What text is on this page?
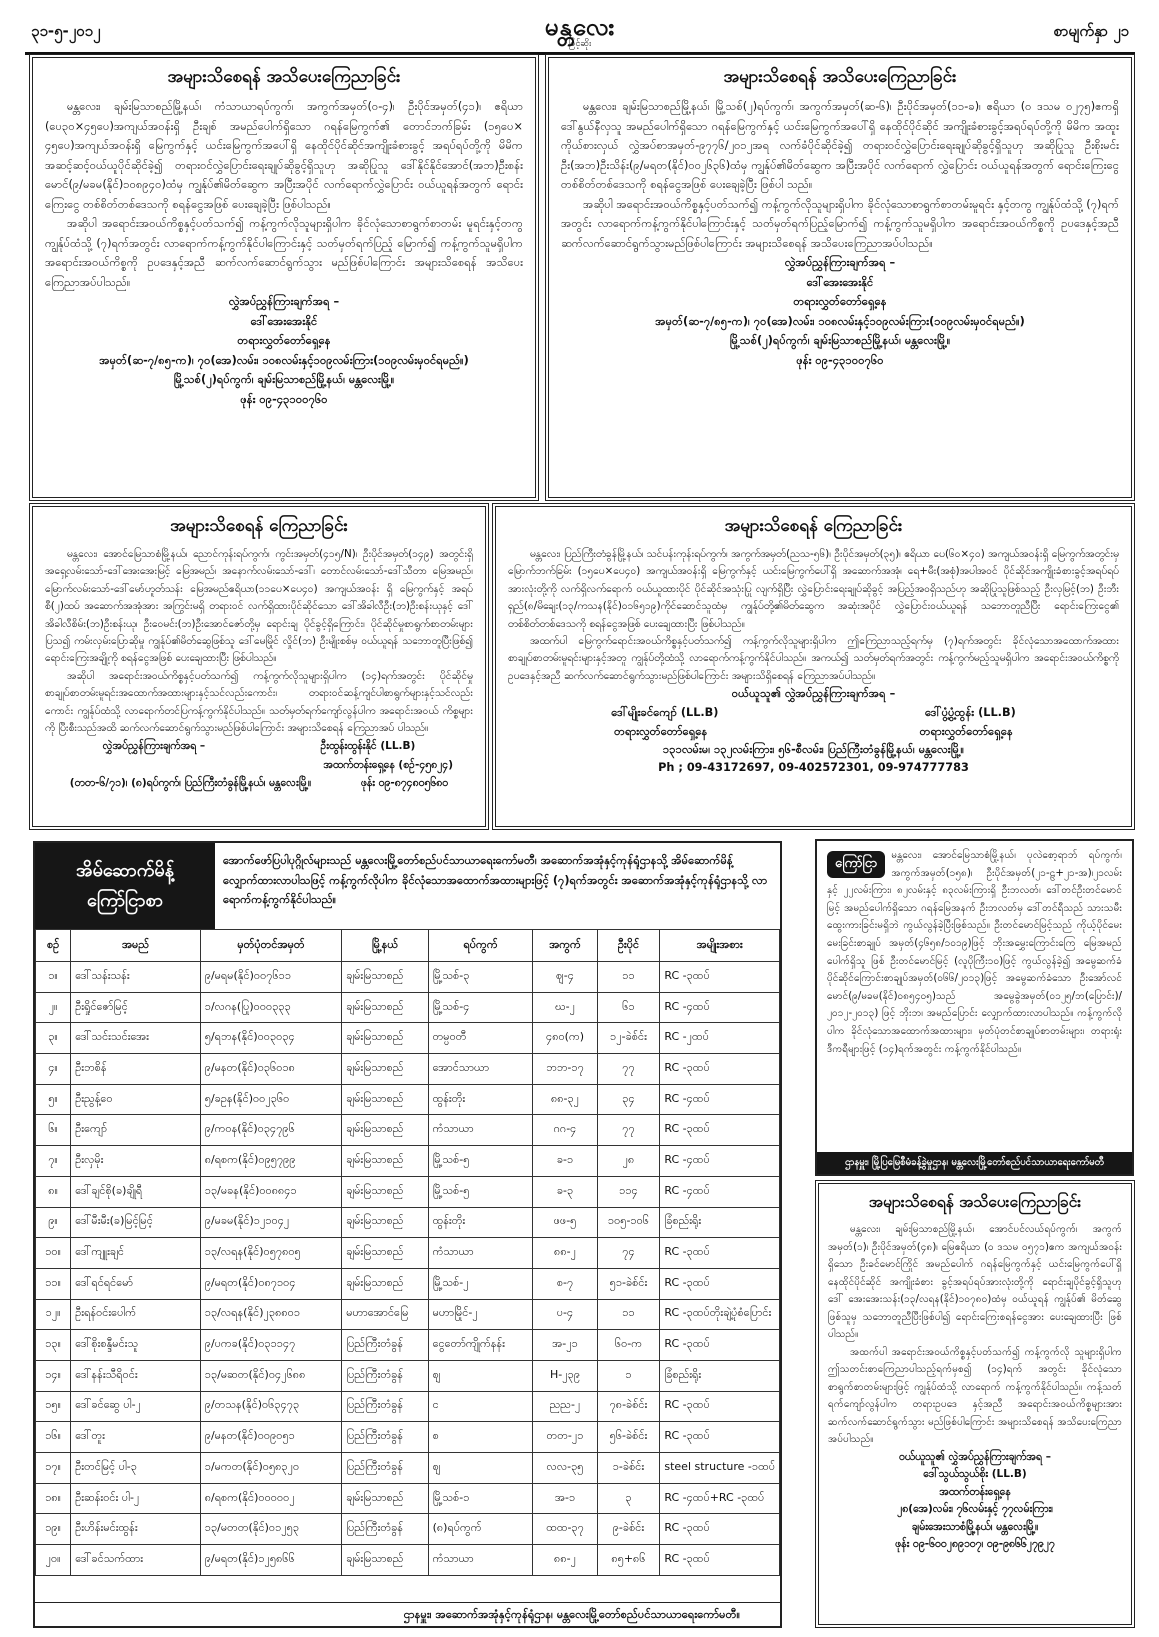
၃၁-၅-၂၀၁၂	မန္တလေး
မြင့်ဆိုး
စာမျက်နှာ ၂၁
အများသိစေရန် အသိပေးကြေညာခြင်း

မန္တလေး၊ ချမ်းမြသာစည်မြို့နယ်၊ ကံသာယာရပ်ကွက်၊ အကွက်အမှတ်(၀-၄)၊ ဦးပိုင်အမှတ်(၄၁)၊ ဧရိယာ (ပေ၃၀×၄၅ပေ)အကျယ်အဝန်းရှိ ဦးချစ် အမည်ပေါက်ရှိသော ဂရန်မြေကွက်၏ တောင်ဘက်ခြမ်း (၁၅ပေ× ၄၅ပေ)အကျယ်အဝန်းရှိ မြေကွက်နှင့် ယင်းမြေကွက်အပေါ်ရှိ နေထိုင်ပိုင်ဆိုင်အကျိုးခံစားခွင့် အရပ်ရပ်တို့ကို မိမိက အဆင့်ဆင့်ဝယ်ယူပိုင်ဆိုင်ခဲ့၍ တရားဝင်လွှဲပြောင်းရေးချုပ်ဆိုခွင့်ရှိသူဟု အဆိုပြုသူ ဒေါ်နိုင်နိုင်အောင်(အဘ)ဦးစန်းမောင်(၉/မခမ(နိုင်)၁၀၈၉၄၀)ထံမှ ကျွန်ုပ်၏မိတ်ဆွေက အပြီးအပိုင် လက်ရောက်လွှဲပြောင်း ဝယ်ယူရန်အတွက် ရောင်းကြေးငွေ တစ်စိတ်တစ်ဒေသကို စရန်ငွေအဖြစ် ပေးချေခဲ့ပြီး ဖြစ်ပါသည်။

အဆိုပါ အရောင်းအဝယ်ကိစ္စနှင့်ပတ်သက်၍ ကန့်ကွက်လိုသူများရှိပါက ခိုင်လုံသောစာရွက်စာတမ်း မူရင်းနှင့်တကွ ကျွန်ုပ်ထံသို့ (၇)ရက်အတွင်း လာရောက်ကန့်ကွက်နိုင်ပါကြောင်းနှင့် သတ်မှတ်ရက်ပြည့် မြောက်၍ ကန့်ကွက်သူမရှိပါက အရောင်းအဝယ်ကိစ္စကို ဥပဒေနှင့်အညီ ဆက်လက်ဆောင်ရွက်သွား မည်ဖြစ်ပါကြောင်း အများသိစေရန် အသိပေးကြေညာအပ်ပါသည်။

လွှဲအပ်ညွှန်ကြားချက်အရ –
ဒေါ်အေးအေးနိုင်
တရားလွှတ်တော်ရှေ့နေ
အမှတ်(ဆ-၇/၈၅-က)၊ ၇၀(အေ)လမ်း၊ ၁၀၈လမ်းနှင့်၁၀၉လမ်းကြား(၁၀၉လမ်းမှဝင်ရမည်။)
မြို့သစ်(၂)ရပ်ကွက်၊ ချမ်းမြသာစည်မြို့နယ်၊ မန္တလေးမြို့။
ဖုန်း ၀၉-၄၃၁၀၀၇၆၀
အများသိစေရန် အသိပေးကြေညာခြင်း

မန္တလေး၊ ချမ်းမြသာစည်မြို့နယ်၊ မြို့သစ်(၂)ရပ်ကွက်၊ အကွက်အမှတ်(ဆ-၆)၊ ဦးပိုင်အမှတ်(၁၁-ခ)၊ ဧရိယာ (၀ ဒသမ ၀၂၇၅)ဧကရှိ ဒေါ်နွယ်နီလှသူ အမည်ပေါက်ရှိသော ဂရန်မြေကွက်နှင့် ယင်းမြေကွက်အပေါ်ရှိ နေထိုင်ပိုင်ဆိုင် အကျိုးခံစားခွင့်အရပ်ရပ်တို့ကို မိမိက အထူးကိုယ်စားလှယ် လွှဲအပ်စာအမှတ်-၉၇၇၆/၂၀၁၂အရ လက်ခံပိုင်ဆိုင်ခဲ့၍ တရားဝင်လွှဲပြောင်းရေးချုပ်ဆိုခွင့်ရှိသူဟု အဆိုပြုသူ ဦးစိုးမင်းဦး(အဘ)ဦးသိန်း(၉/မရတ(နိုင်)၀၀၂၆၃၆)ထံမှ ကျွန်ုပ်၏မိတ်ဆွေက အပြီးအပိုင် လက်ရောက် လွှဲပြောင်း ဝယ်ယူရန်အတွက် ရောင်းကြေးငွေ တစ်စိတ်တစ်ဒေသကို စရန်ငွေအဖြစ် ပေးချေခဲ့ပြီး ဖြစ်ပါ သည်။

အဆိုပါ အရောင်းအဝယ်ကိစ္စနှင့်ပတ်သက်၍ ကန့်ကွက်လိုသူများရှိပါက ခိုင်လုံသောစာရွက်စာတမ်းမူရင်း နှင့်တကွ ကျွန်ုပ်ထံသို့ (၇)ရက်အတွင်း လာရောက်ကန့်ကွက်နိုင်ပါကြောင်းနှင့် သတ်မှတ်ရက်ပြည့်မြောက်၍ ကန့်ကွက်သူမရှိပါက အရောင်းအဝယ်ကိစ္စကို ဥပဒေနှင့်အညီ ဆက်လက်ဆောင်ရွက်သွားမည်ဖြစ်ပါကြောင်း အများသိစေရန် အသိပေးကြေညာအပ်ပါသည်။

လွှဲအပ်ညွှန်ကြားချက်အရ –
ဒေါ်အေးအေးနိုင်
တရားလွှတ်တော်ရှေ့နေ
အမှတ်(ဆ-၇/၈၅-က)၊ ၇၀(အေ)လမ်း၊ ၁၀၈လမ်းနှင့်၁၀၉လမ်းကြား(၁၀၉လမ်းမှဝင်ရမည်။)
မြို့သစ်(၂)ရပ်ကွက်၊ ချမ်းမြသာစည်မြို့နယ်၊ မန္တလေးမြို့။
ဖုန်း ၀၉-၄၃၁၀၀၇၆၀
အများသိစေရန် ကြေညာခြင်း

မန္တလေး၊ အောင်မြေသာစံမြို့နယ်၊ ညောင်ကုန်းရပ်ကွက်၊ ကွင်းအမှတ်(၄၁၅/N)၊ ဦးပိုင်အမှတ်(၁၄၉) အတွင်းရှိ အရှေ့လမ်းသော်-ဒေါ်အေးအေးမြင့် မြေအမည်၊ အနောက်လမ်းသော်-ဒေါ်၊ တောင်လမ်းသော်-ဒေါ်သီတာ မြေအမည်၊ မြောက်လမ်းသော်-ဒေါ်မော်ဟူတ်သန်း မြေအမည်ဧရိယာ(၁၁ပေ×ပေ၄၀) အကျယ်အဝန်း ရှိ မြေကွက်နှင့် အရပ်စီ(၂)ထပ် အဆောက်အအုံအား အကြွင်းမရှိ တရားဝင် လက်ရှိထားပိုင်ဆိုင်သော ဒေါ်အိခါလီဦး(ဘ)ဦးစန်းယုနှင့် ဒေါ်အိခါလီစိမ်း(ဘ)ဦးစန်းယု၊ ဦးဝေမင်း(ဘ)ဦးအောင်ဇော်တို့မှ ရောင်းချ ပိုင်ခွင့်ရှိကြောင်း၊ ပိုင်ဆိုင်မှုစာရွက်စာတမ်းများပြသ၍ ကမ်းလှမ်းပြောဆိုမှု ကျွန်ုပ်၏မိတ်ဆွေဖြစ်သူ ဒေါ်မေမြိုင် လှိုင်(ဘ) ဦးမျိုးစစ်မှ ဝယ်ယူရန် သဘောတူပြီးဖြစ်၍ ရောင်းကြေးအချို့ကို စရန်ငွေအဖြစ် ပေးချေထားပြီး ဖြစ်ပါသည်။

အဆိုပါ အရောင်းအဝယ်ကိစ္စနှင့်ပတ်သက်၍ ကန့်ကွက်လိုသူများရှိပါက (၁၄)ရက်အတွင်း ပိုင်ဆိုင်မှု စာချုပ်စာတမ်းမူရင်းအထောက်အထားများနှင့်သင်လည်းကောင်း၊ တရားဝင်ဆန့်ကျင်ပါစာရွက်များနှင့်သင်လည်း ကောင်း ကျွန်ုပ်ထံသို့ လာရောက်တင်ပြကန့်ကွက်နိုင်ပါသည်။ သတ်မှတ်ရက်ကျော်လွန်ပါက အရောင်းအဝယ် ကိစ္စများကို ပြီးစီးသည်အထိ ဆက်လက်ဆောင်ရွက်သွားမည်ဖြစ်ပါကြောင်း အများသိစေရန် ကြေညာအပ် ပါသည်။

လွှဲအပ်ညွှန်ကြားချက်အရ –	ဦးထွန်းထွန်းနိုင် (LL.B)
အထက်တန်းရှေ့နေ (စဉ်-၄၅၈၂၄)
(တတ-၆/၇၁)၊ (၈)ရပ်ကွက်၊ ပြည်ကြီးတံခွန်မြို့နယ်၊ မန္တလေးမြို့။	ဖုန်း ၀၉-၈၇၄၈၀၅၆၈၀
အများသိစေရန် ကြေညာခြင်း

မန္တလေး၊ ပြည်ကြီးတံခွန်မြို့နယ်၊ သင်ပန်းကုန်းရပ်ကွက်၊ အကွက်အမှတ်(ညသ-၅၆)၊ ဦးပိုင်အမှတ်(၃၅)၊ ဧရိယာ ပေ(၆၀×၄၀) အကျယ်အဝန်းရှိ မြေကွက်အတွင်းမှ မြောက်ဘက်ခြမ်း (၁၅ပေ×ပေ၄၀) အကျယ်အဝန်းရှိ မြေကွက်နှင့် ယင်းမြေကွက်ပေါ်ရှိ အဆောက်အအုံ၊ ရေ+မီး(အစုံ)အပါအဝင် ပိုင်ဆိုင်အကျိုးခံစားခွင့်အရပ်ရပ်အားလုံးတို့ကို လက်ရှိလက်ရောက် ဝယ်ယူထားပိုင် ပိုင်ဆိုင်အသုံးပြု လျက်ရှိပြီး လွှဲပြောင်းရေးချုပ်ဆိုခွင့် အပြည့်အဝရှိသည်ဟု အဆိုပြုသူဖြစ်သည့် ဦးလှမြင့်(ဘ) ဦးဘီးရှည်(၈/မိချေး(၁၃/ကသန(နိုင်)၀၁၆၅၁၉)ကိုင်ဆောင်သူထံမှ ကျွန်ုပ်တို့၏မိတ်ဆွေက အဆုံးအပိုင် လွှဲပြောင်းဝယ်ယူရန် သဘောတူညီပြီး ရောင်းကြေးငွေ၏ တစ်စိတ်တစ်ဒေသကို စရန်ငွေအဖြစ် ပေးချေထားပြီး ဖြစ်ပါသည်။

အထက်ပါ မြေကွက်ရောင်းအဝယ်ကိစ္စနှင့်ပတ်သက်၍ ကန့်ကွက်လိုသူများရှိပါက ဤကြေညာသည့်ရက်မှ (၇)ရက်အတွင်း ခိုင်လုံသောအထောက်အထား စာချုပ်စာတမ်းမူရင်းများနှင့်အတူ ကျွန်ုပ်တို့ထံသို့ လာရောက်ကန့်ကွက်နိုင်ပါသည်။ အကယ်၍ သတ်မှတ်ရက်အတွင်း ကန့်ကွက်မည့်သူမရှိပါက အရောင်းအဝယ်ကိစ္စကို ဥပဒေနှင့်အညီ ဆက်လက်ဆောင်ရွက်သွားမည်ဖြစ်ပါကြောင်း အများသိရှိစေရန် ကြေညာအပ်ပါသည်။

ဝယ်ယူသူ၏ လွှဲအပ်ညွှန်ကြားချက်အရ –
ဒေါ်မျိုးခင်ကျော် (LL.B)	ဒေါ်ပွံ့ပွံ့ထွန်း (LL.B)
တရားလွှတ်တော်ရှေ့နေ	တရားလွှတ်တော်ရှေ့နေ
၁၃၁လမ်းမ၊ ၁၃၂လမ်းကြား၊ ၅၆-စီလမ်း၊ ပြည်ကြီးတံခွန်မြို့နယ်၊ မန္တလေးမြို့။
Ph ; 09-43172697, 09-402572301, 09-974777783
အိမ်ဆောက်မိန့်
ကြော်ငြာစာ
အောက်ဖော်ပြပါပုဂ္ဂိုလ်များသည် မန္တလေးမြို့တော်စည်ပင်သာယာရေးကော်မတီ၊ အဆောက်အအုံနှင့်ကုန်ရုံဌာနသို့ အိမ်ဆောက်မိန့် လျှောက်ထားလာပါသဖြင့် ကန့်ကွက်လိုပါက ခိုင်လုံသောအထောက်အထားများဖြင့် (၇)ရက်အတွင်း အဆောက်အအုံနှင့်ကုန်ရုံဌာနသို့ လာရောက်ကန့်ကွက်နိုင်ပါသည်။
စဉ်	အမည်	မှတ်ပုံတင်အမှတ်	မြို့နယ်	ရပ်ကွက်	အကွက်	ဦးပိုင်	အမျိုးအစား
၁။	ဒေါ်သန်းသန်း	၉/မရမ(နိုင်)၀၀၇၆၁၁	ချမ်းမြသာစည်	မြို့သစ်-၃	ဈ-၄	၁၁	RC -၃ထပ်
၂။	ဦးရှိုင်ဇော်မြင့်	၁/လဂန(ပြု)၀၀၀၃၃၃	ချမ်းမြသာစည်	မြို့သစ်-၄	ဃ-၂	၆၁	RC -၄ထပ်
၃။	ဒေါ်သင်းသင်းအေး	၅/ရဘန(နိုင်)၀၀၃၀၃၄	ချမ်းမြသာစည်	တမ္ပဝတီ	၄၈၀(က)	၁၂-ခဲစ်င်း	RC -၂ထပ်
၄။	ဦးဘစိန်	၉/မနတ(နိုင်)၀၃၆၀၁၈	ချမ်းမြသာစည်	အောင်သာယာ	ဘဘ-၁၇	၇၇	RC -၃ထပ်
၅။	ဦးညွန့်ဝေ	၅/ခဥန(နိုင်)၀၀၂၃၆၀	ချမ်းမြသာစည်	ထွန်းတိုး	၈၈-၃၂	၃၄	RC -၄ထပ်
၆။	ဦးကျော်	၉/ကဝန(နိုင်)၀၃၄၇၉၆	ချမ်းမြသာစည်	ကံသာယာ	ဂဂ-၄	၇၇	RC -၃ထပ်
၇။	ဦးလှမိုး	၈/ရစက(နိုင်)၀၉၅၇၉၉	ချမ်းမြသာစည်	မြို့သစ်-၅	ခ-၁	၂၈	RC -၄ထပ်
၈။	ဒေါ်ချင်စို(ခ)ချိုရီ	၁၃/မခန(နိုင်)၀၀၈၈၄၁	ချမ်းမြသာစည်	မြို့သစ်-၅	ခ-၃	၁၁၄	RC -၄ထပ်
၉။	ဒေါ်မီးမီး(ခ)မြင့်မြင့်	၉/မခမ(နိုင်)၁၂၁၀၄၂	ချမ်းမြသာစည်	ထွန်းတိုး	ဖဖ-၅	၁၀၅-၁၀၆	ခြံစည်းရိုး
၁၀။	ဒေါ်ကျူးချင်	၁၃/လရန(နိုင်)၀၅၇၈၀၅	ချမ်းမြသာစည်	ကံသာယာ	၈၈-၂	၇၄	RC -၃ထပ်
၁၁။	ဒေါ်ရင်ရင်မော်	၉/မရတ(နိုင်)၀၈၇၁၀၄	ချမ်းမြသာစည်	မြို့သစ်-၂	စ-၇	၅၁-ခဲစ်င်း	RC -၃ထပ်
၁၂။	ဦးရန်ဝင်းပေါက်	၁၃/လရန(နိုင်)၂၃၈၈၀၁	မဟာအောင်မြေ	မဟာမြိုင်-၂	ပ-၄	၁၁	RC -၃ထပ်တိုးချဲ့ပုံစံပြောင်း
၁၃။	ဒေါ်စိုးစန္ဒီမင်းသူ	၉/ပကခ(နိုင်)၀၃၁၁၄၇	ပြည်ကြီးတံခွန်	ငွေတော်ကျိုက်နန်း	အ-၂၁	၆၀-က	RC -၃ထပ်
၁၄။	ဒေါ်နန်းသီရိဝင်း	၁၃/မဆတ(နိုင်)၀၄၂၆၈၈	ပြည်ကြီးတံခွန်	ဈ	H-၂၃၉	၁	ခြံစည်းရိုး
၁၅။	ဒေါ်ခင်ဆွေ ပါ-၂	၉/တသန(နိုင်)၀၆၃၄၇၃	ပြည်ကြီးတံခွန်	င	ညည-၂	၇၈-ခဲစ်င်း	RC -၃ထပ်
၁၆။	ဒေါ်တူး	၉/မနတ(နိုင်)၀၀၉၀၅၁	ပြည်ကြီးတံခွန်	စ	တတ-၂၁	၅၆-ခဲစ်င်း	RC -၃ထပ်
၁၇။	ဦးတင်မြင့် ပါ-၃	၁/မကတ(နိုင်)၀၅၈၃၂၀	ပြည်ကြီးတံခွန်	ဈ	လလ-၃၅	၁-ခဲစ်င်း	steel structure -၁ထပ်
၁၈။	ဦးဆန်းဝင်း ပါ-၂	၈/ရစက(နိုင်)၀၀၀၀၀၂	ချမ်းမြသာစည်	မြို့သစ်-၁	အ-၁	၃	RC -၄ထပ်+RC -၃ထပ်
၁၉။	ဦးဟိန်းမင်းထွန်း	၁၃/မတတ(နိုင်)၀၁၂၅၃	ပြည်ကြီးတံခွန်	(၈)ရပ်ကွက်	ထထ-၃၇	၉-ခဲစ်င်း	RC -၃ထပ်
၂၀။	ဒေါ်ခင်သက်ထား	၉/မရတ(နိုင်)၁၂၅၈၆၆	ချမ်းမြသာစည်	ကံသာယာ	၈၈-၂	၈၅+၈၆	RC -၃ထပ်
ဌာနမှူး၊ အဆောက်အအုံနှင့်ကုန်ရုံဌာန၊ မန္တလေးမြို့တော်စည်ပင်သာယာရေးကော်မတီ။
ကြော်ငြာ

မန္တလေး၊ အောင်မြေသာစံမြို့နယ်၊ ပုလဲစော့ရာဘ် ရပ်ကွက်၊ အကွက်အမှတ်(၁၅၈)၊ ဦးပိုင်အမှတ်(၂၁-ဠ+၂၁-အ)၊၂၁လမ်းနှင့် ၂၂လမ်းကြား၊ ၈၂လမ်းနှင့် ၈၃လမ်းကြားရှိ ဦးဘလတ်၊ ဒေါ်တင်ဦးတင်မောင်မြင့် အမည်ပေါက်ရှိသော ဂရန်မြေအနက် ဦးဘလတ်မှ ဒေါ်တင်ရီသည် သားသမီး ထွေးကားခြင်းမရှိဘဲ ကွယ်လွန်ခဲ့ပြီးဖြစ်သည်။ ဦးတင်မောင်မြင့်သည် ကိုယ့်ပိုင်မေးမေးခြင်းစာချုပ် အမှတ်(၄၆၅၈/၁၀၁၉)ဖြင့် ဘိုးအမွှေးကြောင်းကြေ မြေအမည်ပေါက်ရှိသူ ဖြစ် ဦးတင်မောင်မြင့် (လူပိုကြီး၁၀)ဖြင့် ကွယ်လွန်ခဲ့၍ အမွေဆက်ခံပိုင်ဆိုင်ကြောင်းစာချုပ်အမှတ်(၀၆၆/၂၀၁၃)ဖြင့် အမွေဆက်ခံသော ဦးအော်လင်မောင်(၉/မခမ(နိုင်)၀၈၅၄၀၅)သည် အမွေခွဲအမှတ်(၀၁၂၅/ဘ(ပြောင်း)/၂၀၁၂-၂၀၁၃) ဖြင့် ဘိုးဘ၊ အမည်ပြောင်း လျှောက်ထားလာပါသည်။ ကန့်ကွက်လိုပါက ခိုင်လုံသောအထောက်အထားများ၊ မှတ်ပုံတင်စာချုပ်စာတမ်းများ၊ တရားရုံး ဒီကရီများဖြင့် (၁၄)ရက်အတွင်း ကန့်ကွက်နိုင်ပါသည်။

ဌာနမှူး၊ မြို့ပြမြေစီမံခန့်ခွဲမှုဌာန၊ မန္တလေးမြို့တော်စည်ပင်သာယာရေးကော်မတီ
အများသိစေရန် အသိပေးကြေညာခြင်း

မန္တလေး၊ ချမ်းမြသာစည်မြို့နယ်၊ အောင်ပင်လယ်ရပ်ကွက်၊ အကွက်အမှတ်(၁)၊ ဦးပိုင်အမှတ်(၄၈)၊ မြေဧရိယာ (၀ ဒသမ ၀၅၇၁)ဧက အကျယ်အဝန်းရှိသော ဦးခင်မောင်ကြိုင် အမည်ပေါက် ဂရန်မြေကွက်နှင့် ယင်းမြေကွက်ပေါ်ရှိ နေထိုင်ပိုင်ဆိုင် အကျိုးခံစား ခွင့်အရပ်ရပ်အားလုံးတို့ကို ရောင်းချပိုင်ခွင့်ရှိသူဟု ဒေါ် အေးအေးသန်း(၁၃/လရန(နိုင်)၁၀၇၈၀)ထံမှ ဝယ်ယူရန် ကျွန်ုပ်၏ မိတ်ဆွေဖြစ်သူမှ သဘောတူညီပြီးဖြစ်ပါ၍ ရောင်းကြေးစရန်ငွေအား ပေးချေထားပြီး ဖြစ်ပါသည်။

အထက်ပါ အရောင်းအဝယ်ကိစ္စနှင့်ပတ်သက်၍ ကန့်ကွက်လို သူများရှိပါက ဤသတင်းစာကြေညာပါသည့်ရက်မှစ၍ (၁၄)ရက် အတွင်း ခိုင်လုံသောစာရွက်စာတမ်းများဖြင့် ကျွန်ုပ်ထံသို့ လာရောက် ကန့်ကွက်နိုင်ပါသည်။ ကန့်သတ်ရက်ကျော်လွန်ပါက တရားဥပဒေ နှင့်အညီ အရောင်းအဝယ်ကိစ္စများအား ဆက်လက်ဆောင်ရွက်သွား မည်ဖြစ်ပါကြောင်း အများသိစေရန် အသိပေးကြေညာအပ်ပါသည်။

ဝယ်ယူသူ၏ လွှဲအပ်ညွှန်ကြားချက်အရ –
ဒေါ်သွယ်သွယ်စိုး (LL.B)
အထက်တန်းရှေ့နေ
၂၈(အေ)လမ်း၊ ၇၆လမ်းနှင့် ၇၇လမ်းကြား၊
ချမ်းအေးသာစံမြို့နယ်၊ မန္တလေးမြို့။
ဖုန်း ၀၉-၆၀၀၂၈၉၁၀၇၊ ၀၉-၉၈၆၆၂၇၉၂၇
